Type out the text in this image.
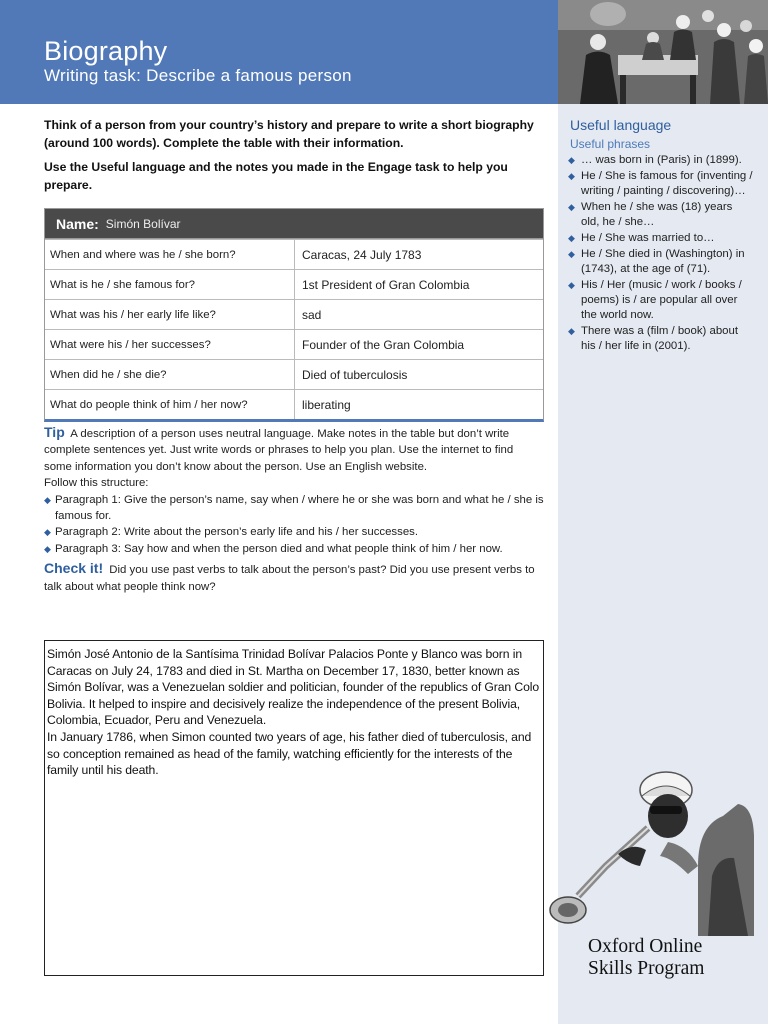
Biography
Writing task: Describe a famous person

Think of a person from your country’s history and prepare to write a short biography (around 100 words). Complete the table with their information.

Use the Useful language and the notes you made in the Engage task to help you prepare.

Name: Simón Bolívar
When and where was he / she born?	Caracas, 24 July 1783
What is he / she famous for?	1st President of Gran Colombia
What was his / her early life like?	sad
What were his / her successes?	Founder of the Gran Colombia
When did he / she die?	Died of tuberculosis
What do people think of him / her now?	liberating

Tip A description of a person uses neutral language. Make notes in the table but don’t write complete sentences yet. Just write words or phrases to help you plan. Use the internet to find some information you don’t know about the person. Use an English website.

Follow this structure:

◆ Paragraph 1: Give the person’s name, say when / where he or she was born and what he / she is famous for.
◆ Paragraph 2: Write about the person’s early life and his / her successes.
◆ Paragraph 3: Say how and when the person died and what people think of him / her now.

Check it! Did you use past verbs to talk about the person’s past? Did you use present verbs to talk about what people think now?

Simón José Antonio de la Santísima Trinidad Bolívar Palacios Ponte y Blanco was born in Caracas on July 24, 1783 and died in St. Martha on December 17, 1830, better known as Simón Bolívar, was a Venezuelan soldier and politician, founder of the republics of Gran Colo Bolivia. It helped to inspire and decisively realize the independence of the present Bolivia, Colombia, Ecuador, Peru and Venezuela.

In January 1786, when Simon counted two years of age, his father died of tuberculosis, and so conception remained as head of the family, watching efficiently for the interests of the family until his death.

Useful language
Useful phrases
◆ … was born in (Paris) in (1899).
◆ He / She is famous for (inventing / writing / painting / discovering)…
◆ When he / she was (18) years old, he / she…
◆ He / She was married to…
◆ He / She died in (Washington) in (1743), at the age of (71).
◆ His / Her (music / work / books / poems) is / are popular all over the world now.
◆ There was a (film / book) about his / her life in (2001).
Oxford Online
Skills Program
